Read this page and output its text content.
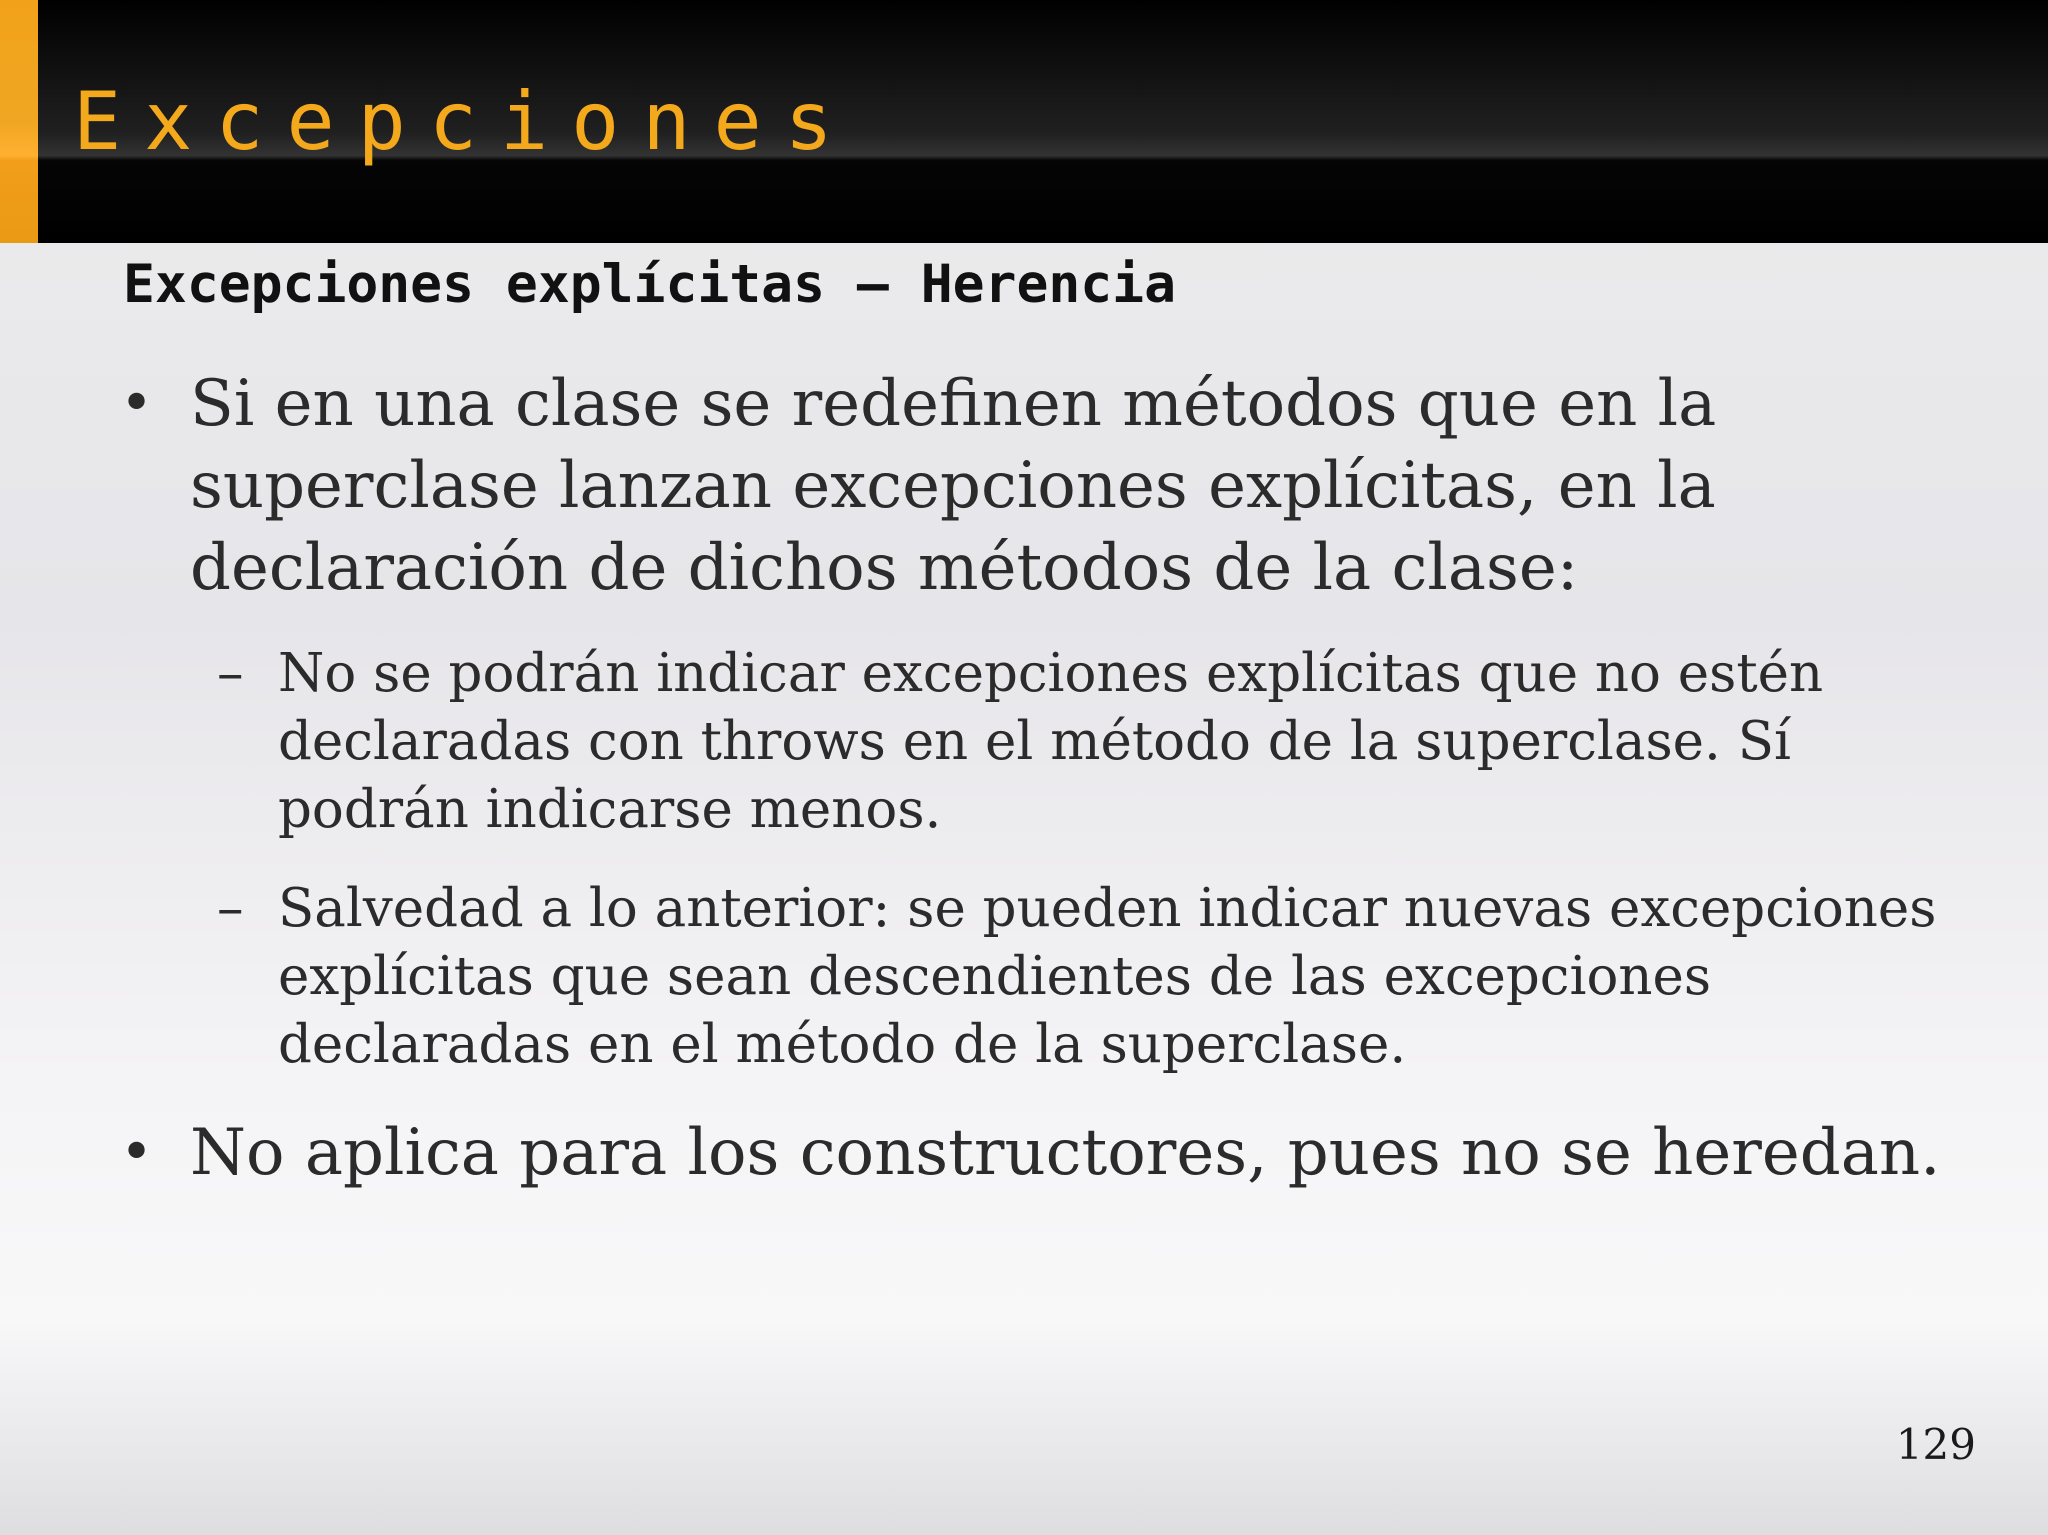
Excepciones
Excepciones explícitas – Herencia
• Si en una clase se redefinen métodos que en la superclase lanzan excepciones explícitas, en la declaración de dichos métodos de la clase:
– No se podrán indicar excepciones explícitas que no estén declaradas con throws en el método de la superclase. Sí podrán indicarse menos.
– Salvedad a lo anterior: se pueden indicar nuevas excepciones explícitas que sean descendientes de las excepciones declaradas en el método de la superclase.
• No aplica para los constructores, pues no se heredan.
129
